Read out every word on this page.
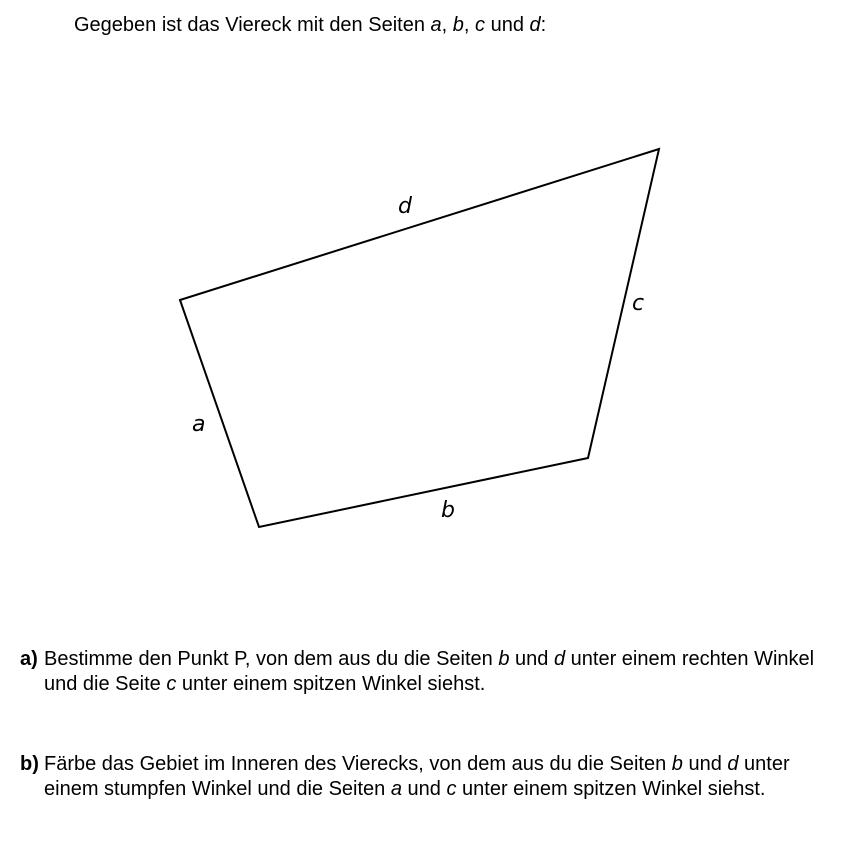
Gegeben ist das Viereck mit den Seiten a, b, c und d:
d
c
a
b
a) Bestimme den Punkt P, von dem aus du die Seiten b und d unter einem rechten Winkel und die Seite c unter einem spitzen Winkel siehst.
b) Färbe das Gebiet im Inneren des Vierecks, von dem aus du die Seiten b und d unter einem stumpfen Winkel und die Seiten a und c unter einem spitzen Winkel siehst.
